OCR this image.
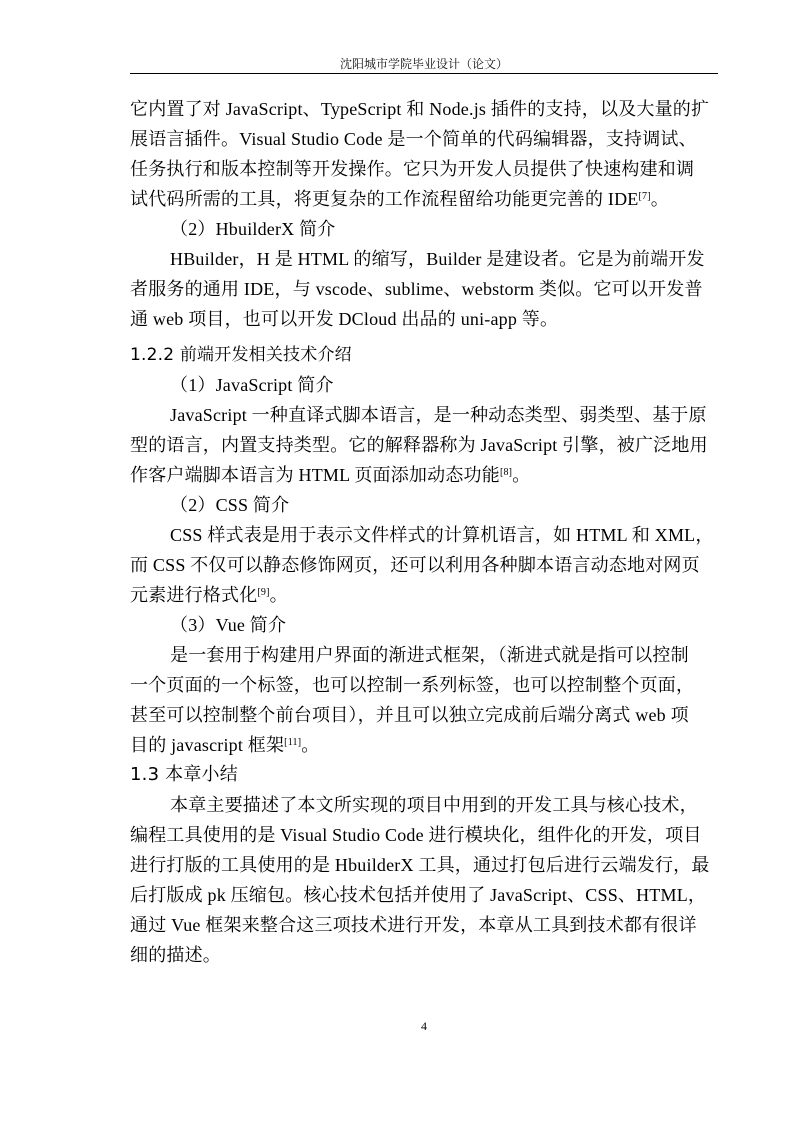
沈阳城市学院毕业设计（论文）
它内置了对 JavaScript、TypeScript 和 Node.js 插件的支持，以及大量的扩
展语言插件。Visual Studio Code 是一个简单的代码编辑器，支持调试、
任务执行和版本控制等开发操作。它只为开发人员提供了快速构建和调
试代码所需的工具，将更复杂的工作流程留给功能更完善的 IDE[7]。
（2）HbuilderX 简介
HBuilder，H 是 HTML 的缩写，Builder 是建设者。它是为前端开发
者服务的通用 IDE，与 vscode、sublime、webstorm 类似。它可以开发普
通 web 项目，也可以开发 DCloud 出品的 uni-app 等。
1.2.2 前端开发相关技术介绍
（1）JavaScript 简介
JavaScript 一种直译式脚本语言，是一种动态类型、弱类型、基于原
型的语言，内置支持类型。它的解释器称为 JavaScript 引擎，被广泛地用
作客户端脚本语言为 HTML 页面添加动态功能[8]。
（2）CSS 简介
CSS 样式表是用于表示文件样式的计算机语言，如 HTML 和 XML，
而 CSS 不仅可以静态修饰网页，还可以利用各种脚本语言动态地对网页
元素进行格式化[9]。
（3）Vue 简介
是一套用于构建用户界面的渐进式框架，（渐进式就是指可以控制
一个页面的一个标签，也可以控制一系列标签，也可以控制整个页面，
甚至可以控制整个前台项目），并且可以独立完成前后端分离式 web 项
目的 javascript 框架[11]。
1.3 本章小结
本章主要描述了本文所实现的项目中用到的开发工具与核心技术，
编程工具使用的是 Visual Studio Code 进行模块化，组件化的开发，项目
进行打版的工具使用的是 HbuilderX 工具，通过打包后进行云端发行，最
后打版成 pk 压缩包。核心技术包括并使用了 JavaScript、CSS、HTML，
通过 Vue 框架来整合这三项技术进行开发，本章从工具到技术都有很详
细的描述。
4
